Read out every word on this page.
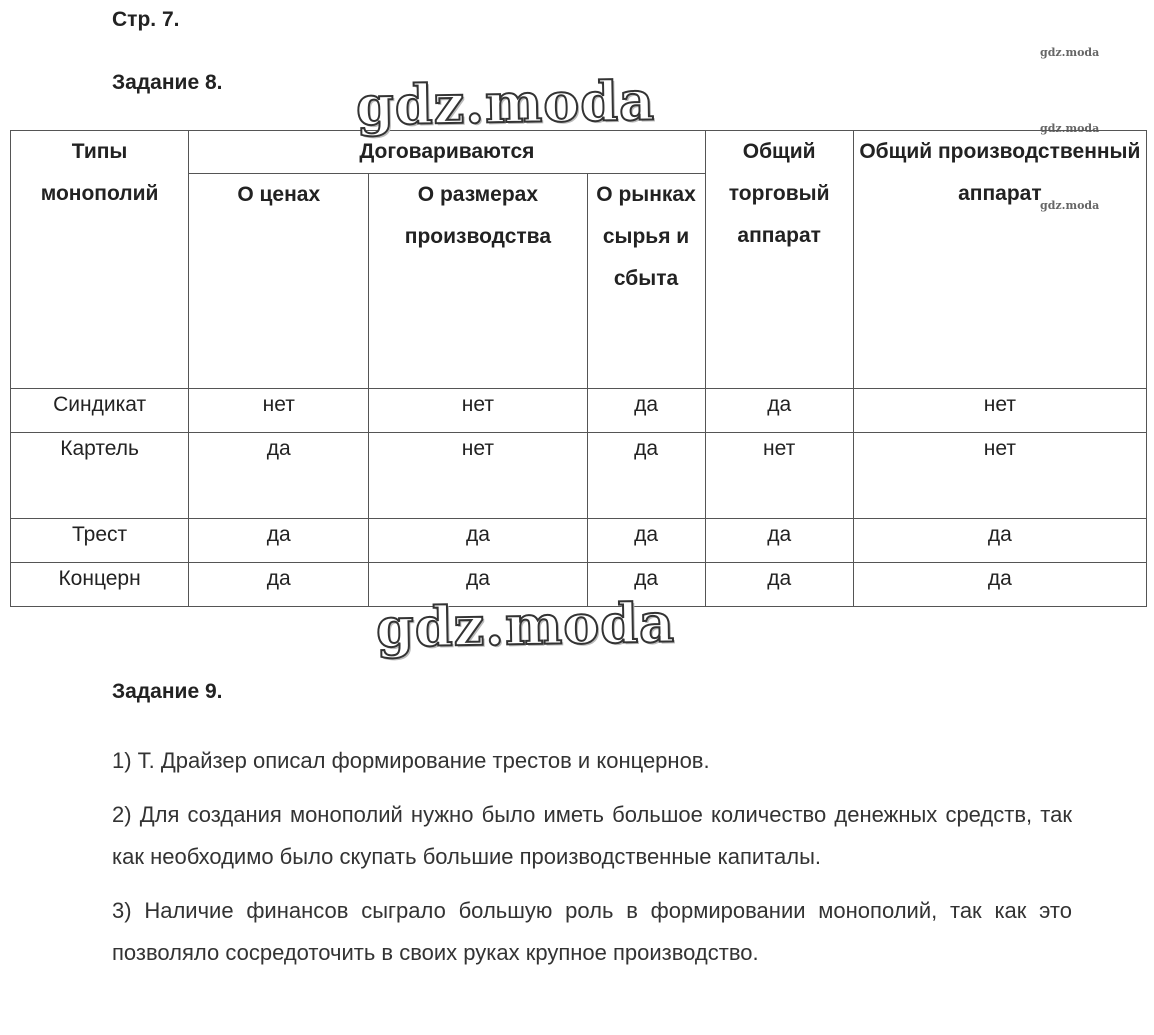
Стр. 7.
gdz.moda
gdz.moda
gdz.moda
Задание 8.
Типы монополий	Договариваются			Общий торговый аппарат	Общий производственный аппарат
	О ценах	О размерах производства	О рынках сырья и сбыта		
Синдикат	нет	нет	да	да	нет
Картель	да	нет	да	нет	нет
Трест	да	да	да	да	да
Концерн	да	да	да	да	да
gdz.moda
gdz.moda
Задание 9.

1) Т. Драйзер описал формирование трестов и концернов.

2) Для создания монополий нужно было иметь большое количество денежных средств, так как необходимо было скупать большие производственные капиталы.

3) Наличие финансов сыграло большую роль в формировании монополий, так как это позволяло сосредоточить в своих руках крупное производство.
